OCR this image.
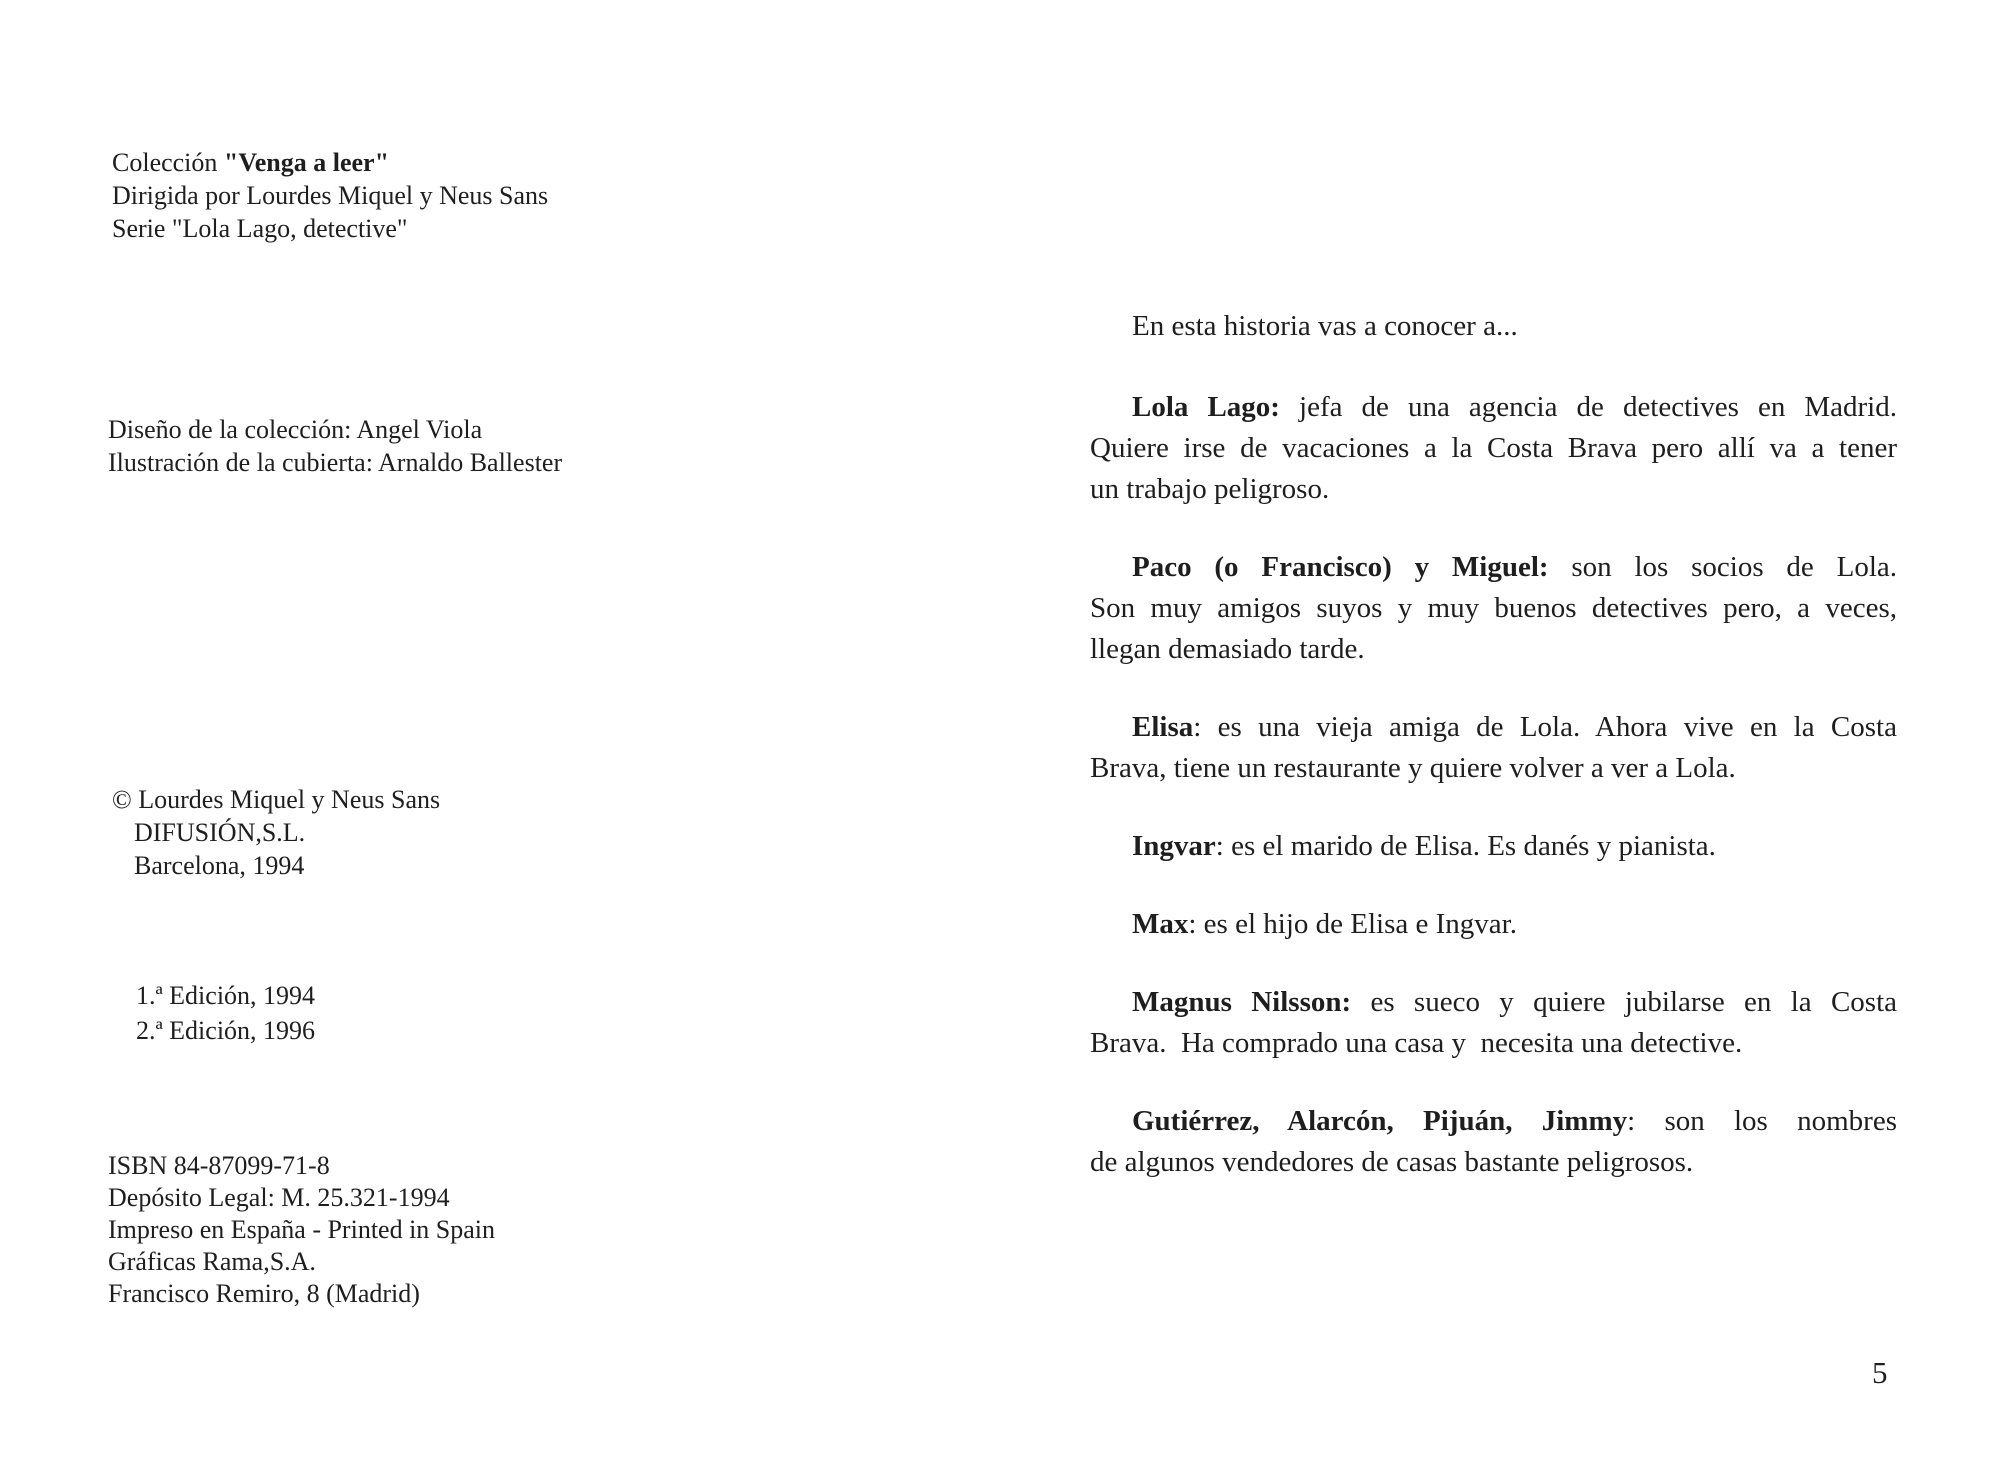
Colección "Venga a leer"
Dirigida por Lourdes Miquel y Neus Sans
Serie "Lola Lago, detective"
Diseño de la colección: Angel Viola
Ilustración de la cubierta: Arnaldo Ballester
© Lourdes Miquel y Neus Sans
DIFUSIÓN,S.L.
Barcelona, 1994
1.ª Edición, 1994
2.ª Edición, 1996
ISBN 84-87099-71-8
Depósito Legal: M. 25.321-1994
Impreso en España - Printed in Spain
Gráficas Rama,S.A.
Francisco Remiro, 8 (Madrid)
En esta historia vas a conocer a...
Lola Lago: jefa de una agencia de detectives en Madrid.
Quiere irse de vacaciones a la Costa Brava pero allí va a tener
un trabajo peligroso.
Paco (o Francisco) y Miguel: son los socios de Lola.
Son muy amigos suyos y muy buenos detectives pero, a veces,
llegan demasiado tarde.
Elisa: es una vieja amiga de Lola. Ahora vive en la Costa
Brava, tiene un restaurante y quiere volver a ver a Lola.
Ingvar: es el marido de Elisa. Es danés y pianista.
Max: es el hijo de Elisa e Ingvar.
Magnus Nilsson: es sueco y quiere jubilarse en la Costa
Brava.  Ha comprado una casa y  necesita una detective.
Gutiérrez, Alarcón, Pijuán, Jimmy: son los nombres
de algunos vendedores de casas bastante peligrosos.
5
